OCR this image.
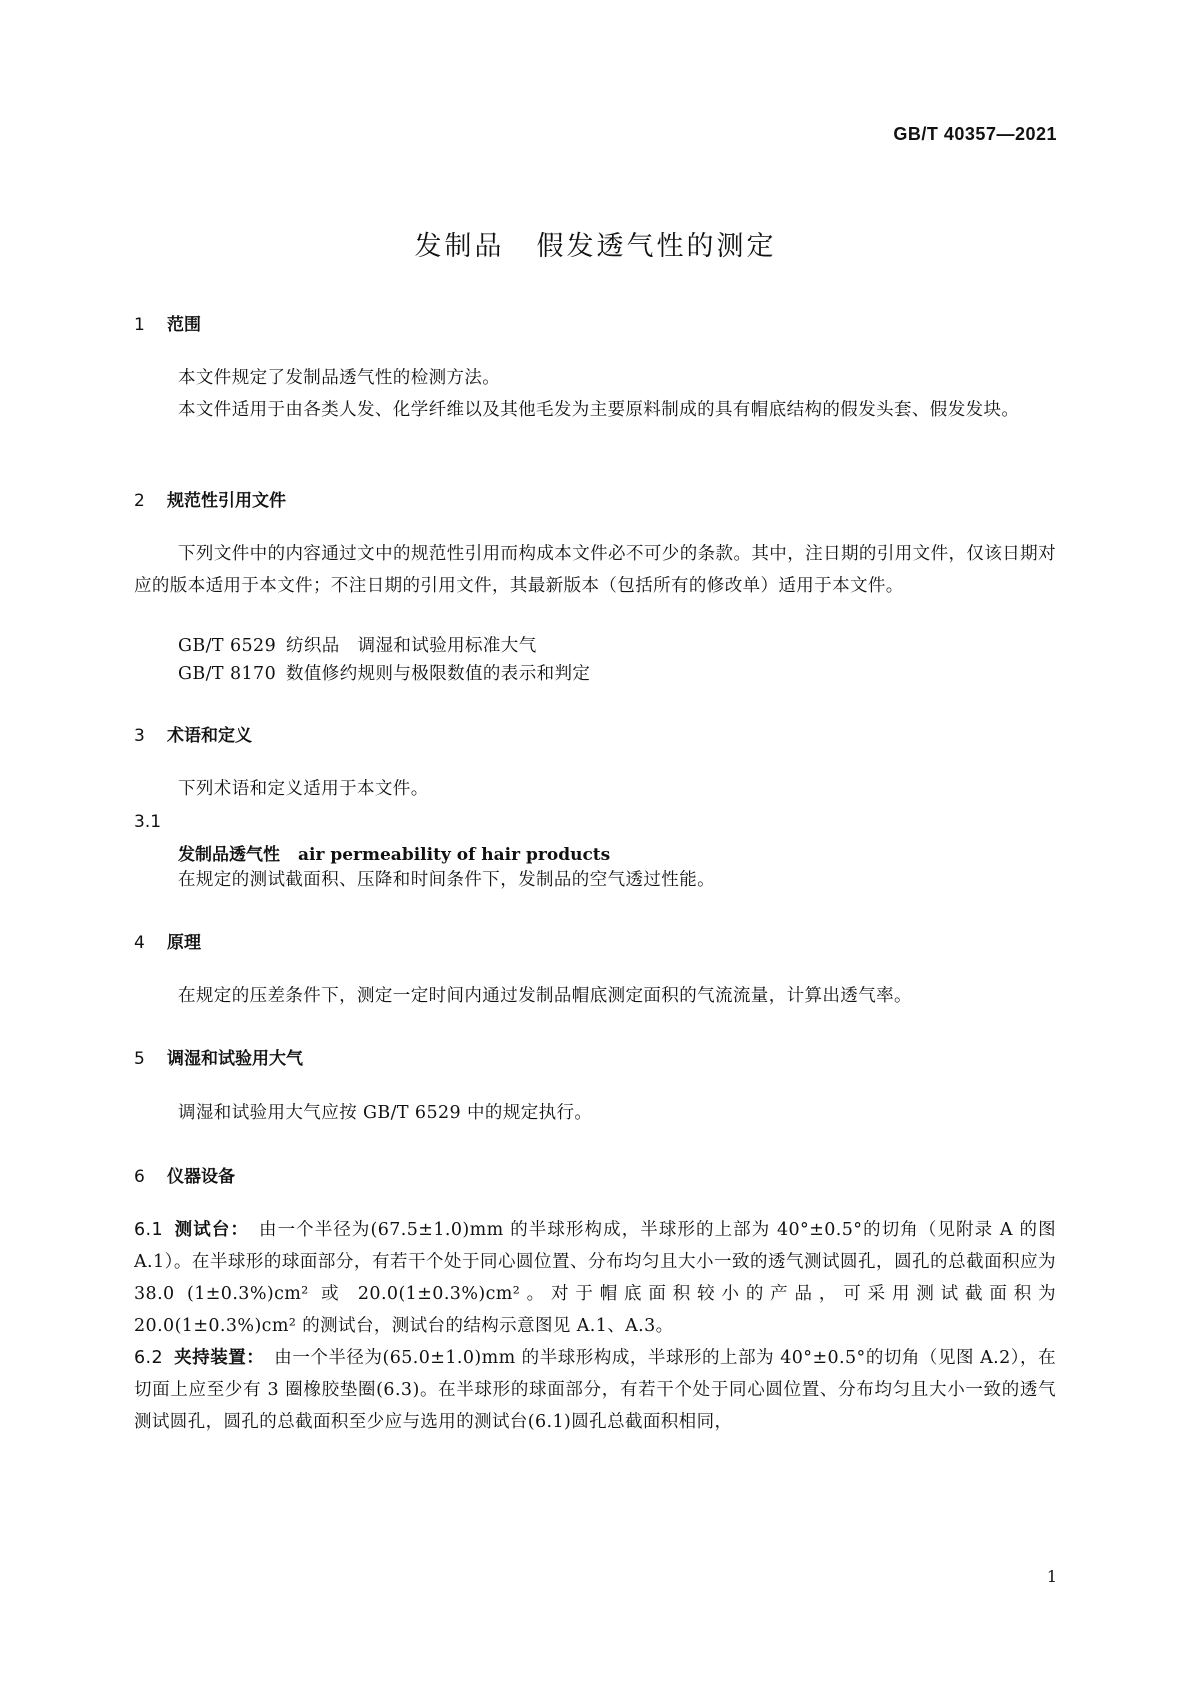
GB/T 40357—2021
发制品 假发透气性的测定
1 范围
本文件规定了发制品透气性的检测方法。
本文件适用于由各类人发、化学纤维以及其他毛发为主要原料制成的具有帽底结构的假发头套、假发发块。
2 规范性引用文件
下列文件中的内容通过文中的规范性引用而构成本文件必不可少的条款。其中，注日期的引用文件，仅该日期对应的版本适用于本文件；不注日期的引用文件，其最新版本（包括所有的修改单）适用于本文件。
GB/T 6529 纺织品　调湿和试验用标准大气
GB/T 8170 数值修约规则与极限数值的表示和判定
3 术语和定义
下列术语和定义适用于本文件。
3.1
发制品透气性 air permeability of hair products
在规定的测试截面积、压降和时间条件下，发制品的空气透过性能。
4 原理
在规定的压差条件下，测定一定时间内通过发制品帽底测定面积的气流流量，计算出透气率。
5 调湿和试验用大气
调湿和试验用大气应按 GB/T 6529 中的规定执行。
6 仪器设备
6.1 测试台： 由一个半径为(67.5±1.0)mm 的半球形构成，半球形的上部为 40°±0.5°的切角（见附录 A 的图 A.1）。在半球形的球面部分，有若干个处于同心圆位置、分布均匀且大小一致的透气测试圆孔，圆孔的总截面积应为 38.0 (1±0.3%)cm² 或 20.0(1±0.3%)cm²。对于帽底面积较小的产品，可采用测试截面积为 20.0(1±0.3%)cm² 的测试台，测试台的结构示意图见 A.1、A.3。
6.2 夹持装置： 由一个半径为(65.0±1.0)mm 的半球形构成，半球形的上部为 40°±0.5°的切角（见图 A.2），在切面上应至少有 3 圈橡胶垫圈(6.3)。在半球形的球面部分，有若干个处于同心圆位置、分布均匀且大小一致的透气测试圆孔，圆孔的总截面积至少应与选用的测试台(6.1)圆孔总截面积相同，
1
